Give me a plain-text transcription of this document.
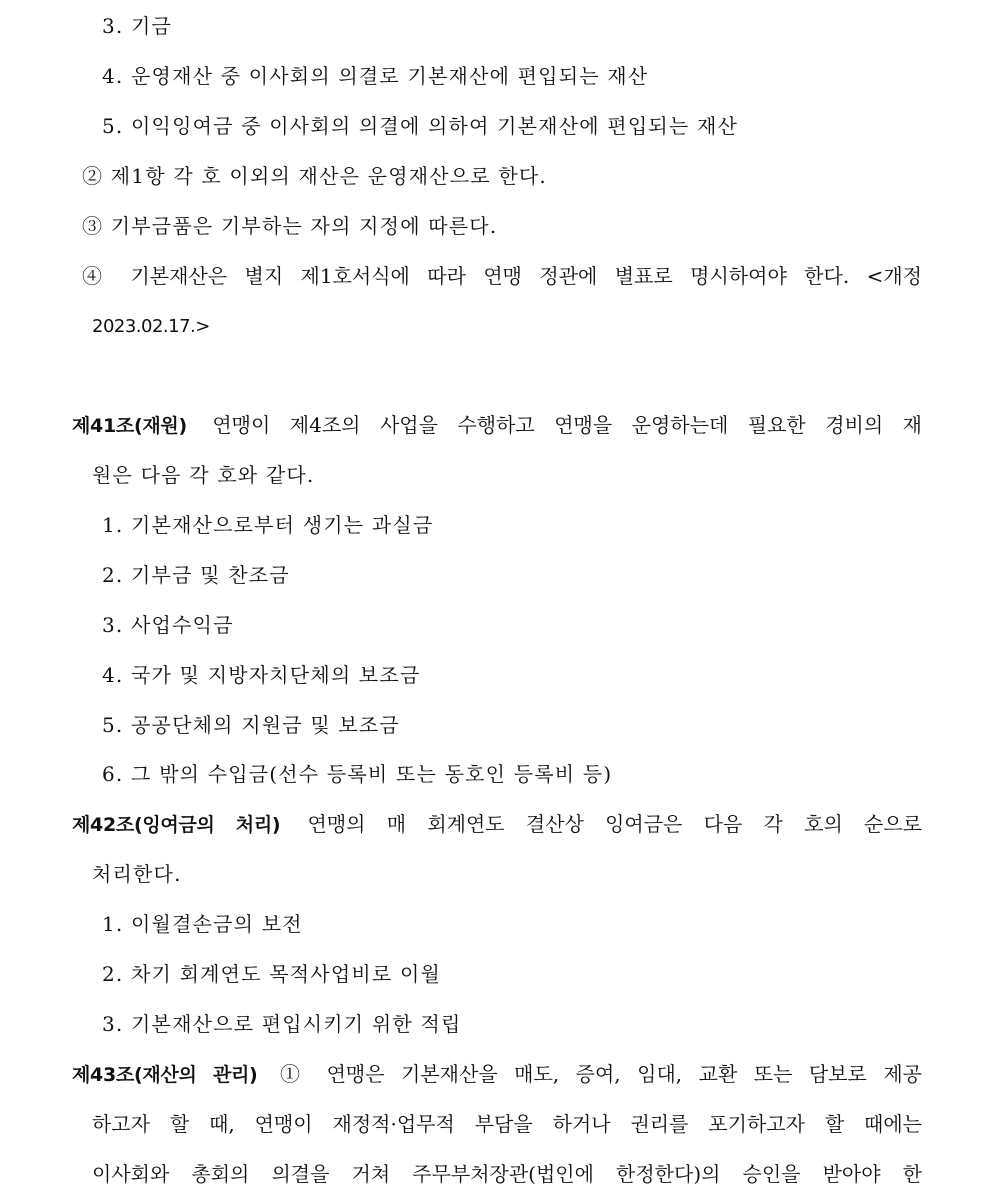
3. 기금
4. 운영재산 중 이사회의 의결로 기본재산에 편입되는 재산
5. 이익잉여금 중 이사회의 의결에 의하여 기본재산에 편입되는 재산
② 제1항 각 호 이외의 재산은 운영재산으로 한다.
③ 기부금품은 기부하는 자의 지정에 따른다.
④ 기본재산은 별지 제1호서식에 따라 연맹 정관에 별표로 명시하여야 한다. <개정
2023.02.17.>
제41조(재원) 연맹이 제4조의 사업을 수행하고 연맹을 운영하는데 필요한 경비의 재
원은 다음 각 호와 같다.
1. 기본재산으로부터 생기는 과실금
2. 기부금 및 찬조금
3. 사업수익금
4. 국가 및 지방자치단체의 보조금
5. 공공단체의 지원금 및 보조금
6. 그 밖의 수입금(선수 등록비 또는 동호인 등록비 등)
제42조(잉여금의 처리) 연맹의 매 회계연도 결산상 잉여금은 다음 각 호의 순으로
처리한다.
1. 이월결손금의 보전
2. 차기 회계연도 목적사업비로 이월
3. 기본재산으로 편입시키기 위한 적립
제43조(재산의 관리) ① 연맹은 기본재산을 매도, 증여, 임대, 교환 또는 담보로 제공
하고자 할 때, 연맹이 재정적·업무적 부담을 하거나 권리를 포기하고자 할 때에는
이사회와 총회의 의결을 거쳐 주무부처장관(법인에 한정한다)의 승인을 받아야 한
